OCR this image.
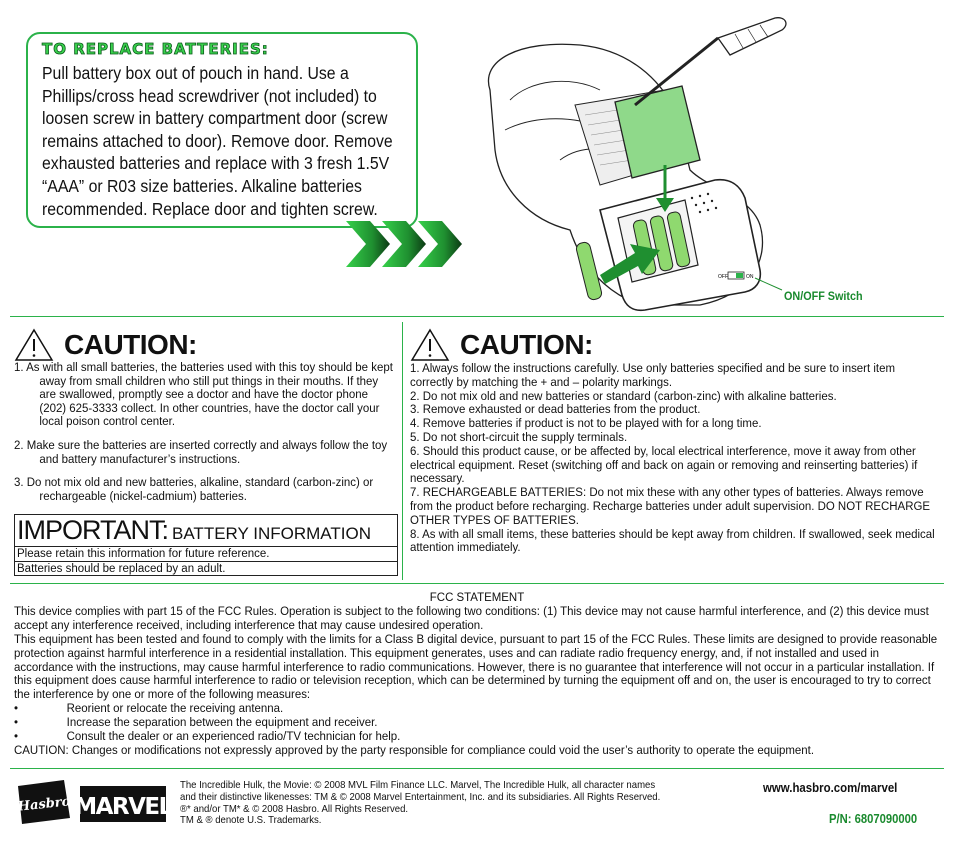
TO REPLACE BATTERIES:
Pull battery box out of pouch in hand. Use a Phillips/cross head screwdriver (not included) to loosen screw in battery compartment door (screw remains attached to door). Remove door. Remove exhausted batteries and replace with 3 fresh 1.5V “AAA” or R03 size batteries. Alkaline batteries recommended. Replace door and tighten screw.
OFF	ON
ON/OFF Switch
CAUTION:
1. As with all small batteries, the batteries used with this toy should be kept away from small children who still put things in their mouths. If they are swallowed, promptly see a doctor and have the doctor phone (202) 625-3333 collect. In other countries, have the doctor call your local poison control center.
2. Make sure the batteries are inserted correctly and always follow the toy and battery manufacturer’s instructions.
3. Do not mix old and new batteries, alkaline, standard (carbon-zinc) or rechargeable (nickel-cadmium) batteries.
IMPORTANT: BATTERY INFORMATION
Please retain this information for future reference.
Batteries should be replaced by an adult.
CAUTION:
1. Always follow the instructions carefully. Use only batteries specified and be sure to insert item correctly by matching the + and – polarity markings.
2. Do not mix old and new batteries or standard (carbon-zinc) with alkaline batteries.
3. Remove exhausted or dead batteries from the product.
4. Remove batteries if product is not to be played with for a long time.
5. Do not short-circuit the supply terminals.
6. Should this product cause, or be affected by, local electrical interference, move it away from other electrical equipment. Reset (switching off and back on again or removing and reinserting batteries) if necessary.
7. RECHARGEABLE BATTERIES: Do not mix these with any other types of batteries. Always remove from the product before recharging. Recharge batteries under adult supervision. DO NOT RECHARGE OTHER TYPES OF BATTERIES.
8. As with all small items, these batteries should be kept away from children. If swallowed, seek medical attention immediately.
FCC STATEMENT

This device complies with part 15 of the FCC Rules. Operation is subject to the following two conditions: (1) This device may not cause harmful interference, and (2) this device must accept any interference received, including interference that may cause undesired operation.

This equipment has been tested and found to comply with the limits for a Class B digital device, pursuant to part 15 of the FCC Rules. These limits are designed to provide reasonable protection against harmful interference in a residential installation. This equipment generates, uses and can radiate radio frequency energy, and, if not installed and used in accordance with the instructions, may cause harmful interference to radio communications. However, there is no guarantee that interference will not occur in a particular installation. If this equipment does cause harmful interference to radio or television reception, which can be determined by turning the equipment off and on, the user is encouraged to try to correct the interference by one or more of the following measures:

•	Reorient or relocate the receiving antenna.
•	Increase the separation between the equipment and receiver.
•	Consult the dealer or an experienced radio/TV technician for help.

CAUTION: Changes or modifications not expressly approved by the party responsible for compliance could void the user’s authority to operate the equipment.

Hasbro MARVEL
The Incredible Hulk, the Movie: © 2008 MVL Film Finance LLC. Marvel, The Incredible Hulk, all character names
and their distinctive likenesses: TM & © 2008 Marvel Entertainment, Inc. and its subsidiaries. All Rights Reserved.
®* and/or TM* & © 2008 Hasbro. All Rights Reserved.
TM & ® denote U.S. Trademarks.
www.hasbro.com/marvel
P/N: 6807090000
